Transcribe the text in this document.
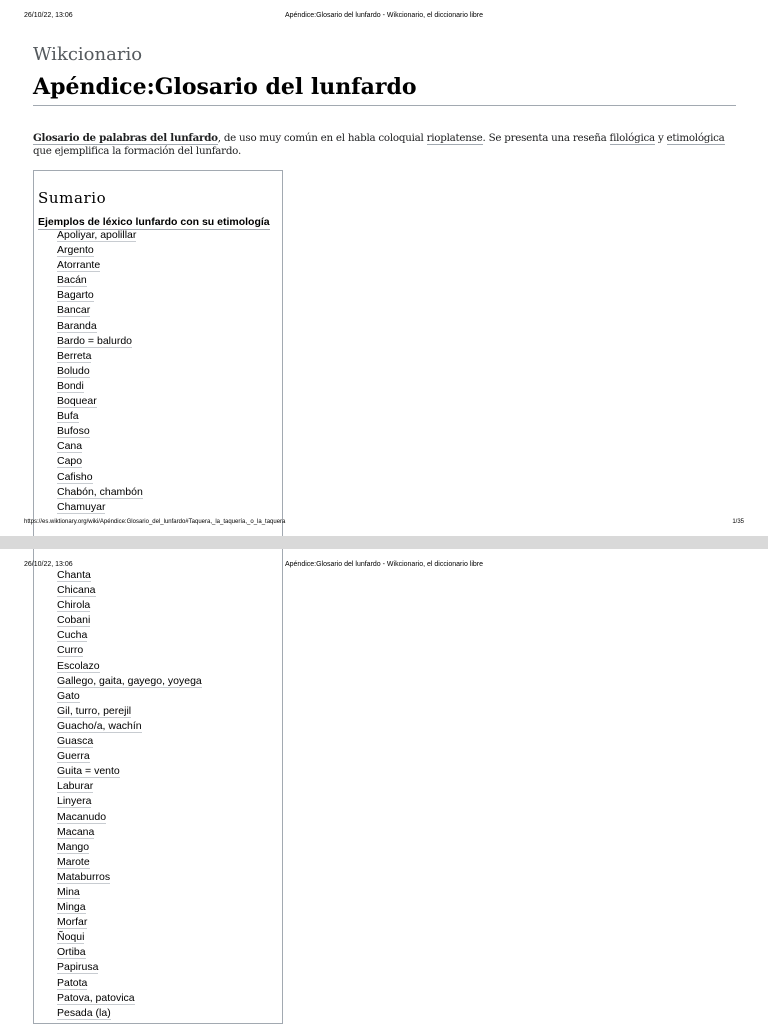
26/10/22, 13:06	Apéndice:Glosario del lunfardo - Wikcionario, el diccionario libre
Wikcionario
Apéndice:Glosario del lunfardo
Glosario de palabras del lunfardo, de uso muy común en el habla coloquial rioplatense. Se presenta una reseña filológica y etimológica que ejemplifica la formación del lunfardo.
Sumario
Ejemplos de léxico lunfardo con su etimología
Apoliyar, apolillar
Argento
Atorrante
Bacán
Bagarto
Bancar
Baranda
Bardo = balurdo
Berreta
Boludo
Bondi
Boquear
Bufa
Bufoso
Cana
Capo
Cafisho
Chabón, chambón
Chamuyar
https://es.wiktionary.org/wiki/Apéndice:Glosario_del_lunfardo#Taquera,_la_taquería,_o_la_taquera	1/35
Chanta
Chicana
Chirola
Cobani
Cucha
Curro
Escolazo
Gallego, gaita, gayego, yoyega
Gato
Gil, turro, perejil
Guacho/a, wachín
Guasca
Guerra
Guita = vento
Laburar
Linyera
Macanudo
Macana
Mango
Marote
Mataburros
Mina
Minga
Morfar
Ñoqui
Ortiba
Papirusa
Patota
Patova, patovica
Pesada (la)
26/10/22, 13:06	Apéndice:Glosario del lunfardo - Wikcionario, el diccionario libre
